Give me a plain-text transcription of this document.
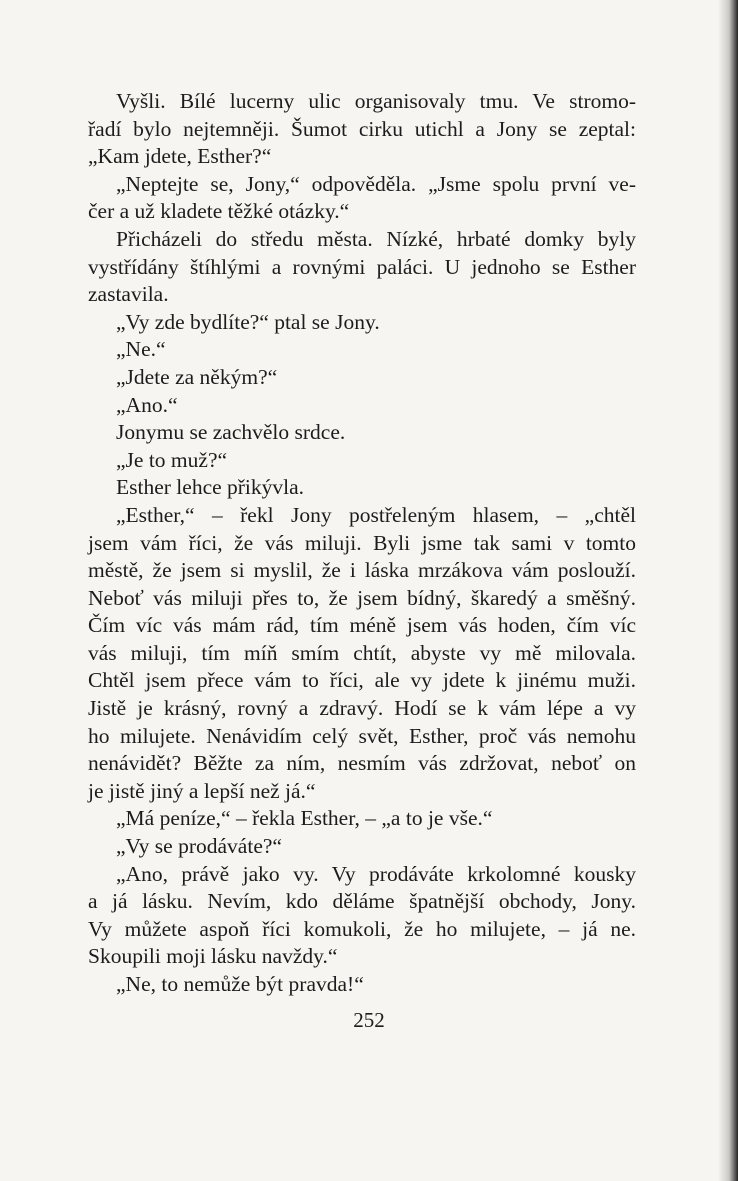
Vyšli. Bílé lucerny ulic organisovaly tmu. Ve stromo-
řadí bylo nejtemněji. Šumot cirku utichl a Jony se zeptal:
„Kam jdete, Esther?“
„Neptejte se, Jony,“ odpověděla. „Jsme spolu první ve-
čer a už kladete těžké otázky.“
Přicházeli do středu města. Nízké, hrbaté domky byly
vystřídány štíhlými a rovnými paláci. U jednoho se Esther
zastavila.
„Vy zde bydlíte?“ ptal se Jony.
„Ne.“
„Jdete za někým?“
„Ano.“
Jonymu se zachvělo srdce.
„Je to muž?“
Esther lehce přikývla.
„Esther,“ – řekl Jony postřeleným hlasem, – „chtěl
jsem vám říci, že vás miluji. Byli jsme tak sami v tomto
městě, že jsem si myslil, že i láska mrzákova vám poslouží.
Neboť vás miluji přes to, že jsem bídný, škaredý a směšný.
Čím víc vás mám rád, tím méně jsem vás hoden, čím víc
vás miluji, tím míň smím chtít, abyste vy mě milovala.
Chtěl jsem přece vám to říci, ale vy jdete k jinému muži.
Jistě je krásný, rovný a zdravý. Hodí se k vám lépe a vy
ho milujete. Nenávidím celý svět, Esther, proč vás nemohu
nenávidět? Běžte za ním, nesmím vás zdržovat, neboť on
je jistě jiný a lepší než já.“
„Má peníze,“ – řekla Esther, – „a to je vše.“
„Vy se prodáváte?“
„Ano, právě jako vy. Vy prodáváte krkolomné kousky
a já lásku. Nevím, kdo děláme špatnější obchody, Jony.
Vy můžete aspoň říci komukoli, že ho milujete, – já ne.
Skoupili moji lásku navždy.“
„Ne, to nemůže být pravda!“
252
